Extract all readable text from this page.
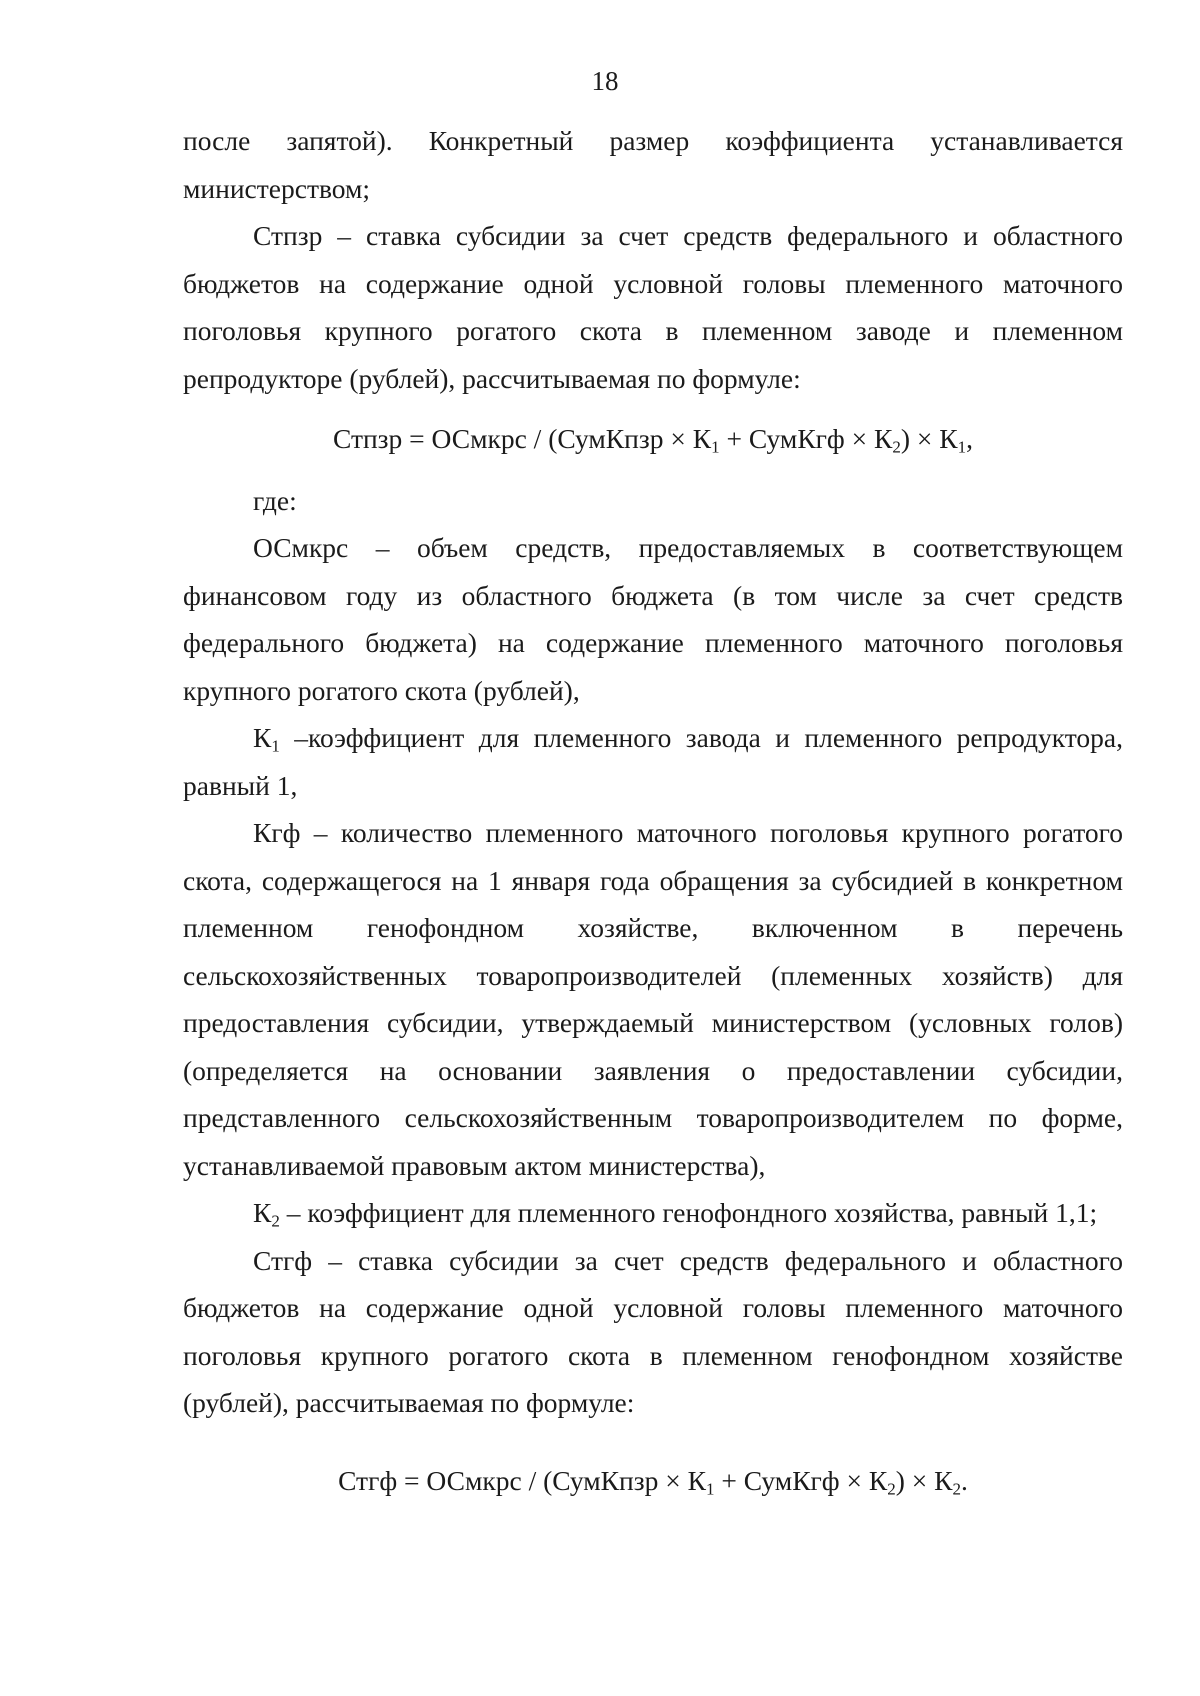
18

после запятой). Конкретный размер коэффициента устанавливается министерством;

Стпзр – ставка субсидии за счет средств федерального и областного бюджетов на содержание одной условной головы племенного маточного поголовья крупного рогатого скота в племенном заводе и племенном репродукторе (рублей), рассчитываемая по формуле:

Стпзр = ОСмкрс / (СумКпзр × $К_1$ + СумКгф × $К_2) \times К_1$,

где:

ОСмкрс – объем средств, предоставляемых в соответствующем финансовом году из областного бюджета (в том числе за счет средств федерального бюджета) на содержание племенного маточного поголовья крупного рогатого скота (рублей),

$К_1$ –коэффициент для племенного завода и племенного репродуктора, равный 1,

Кгф – количество племенного маточного поголовья крупного рогатого скота, содержащегося на 1 января года обращения за субсидией в конкретном племенном генофондном хозяйстве, включенном в перечень сельскохозяйственных товаропроизводителей (племенных хозяйств) для предоставления субсидии, утверждаемый министерством (условных голов) (определяется на основании заявления о предоставлении субсидии, представленного сельскохозяйственным товаропроизводителем по форме, устанавливаемой правовым актом министерства),

$К_2$ – коэффициент для племенного генофондного хозяйства, равный 1,1;

Стгф – ставка субсидии за счет средств федерального и областного бюджетов на содержание одной условной головы племенного маточного поголовья крупного рогатого скота в племенном генофондном хозяйстве (рублей), рассчитываемая по формуле:

Стгф = ОСмкрс / (СумКпзр × $К_1$ + СумКгф × $К_2) \times К_2$.
